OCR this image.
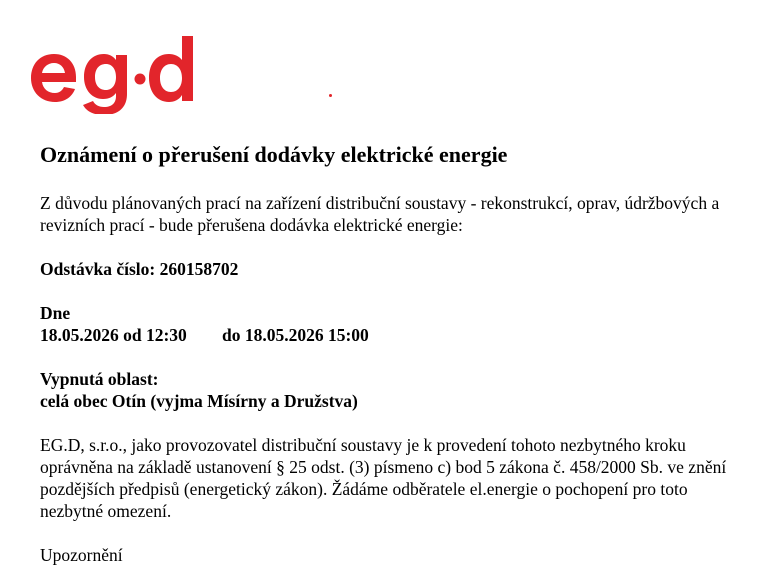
Oznámení o přerušení dodávky elektrické energie

Z důvodu plánovaných prací na zařízení distribuční soustavy - rekonstrukcí, oprav, údržbových a revizních prací - bude přerušena dodávka elektrické energie:

Odstávka číslo: 260158702

Dne

18.05.2026 od 12:30 do 18.05.2026 15:00

Vypnutá oblast:

celá obec Otín (vyjma Mísírny a Družstva)

EG.D, s.r.o., jako provozovatel distribuční soustavy je k provedení tohoto nezbytného kroku oprávněna na základě ustanovení § 25 odst. (3) písmeno c) bod 5 zákona č. 458/2000 Sb. ve znění pozdějších předpisů (energetický zákon). Žádáme odběratele el.energie o pochopení pro toto nezbytné omezení.

Upozornění
